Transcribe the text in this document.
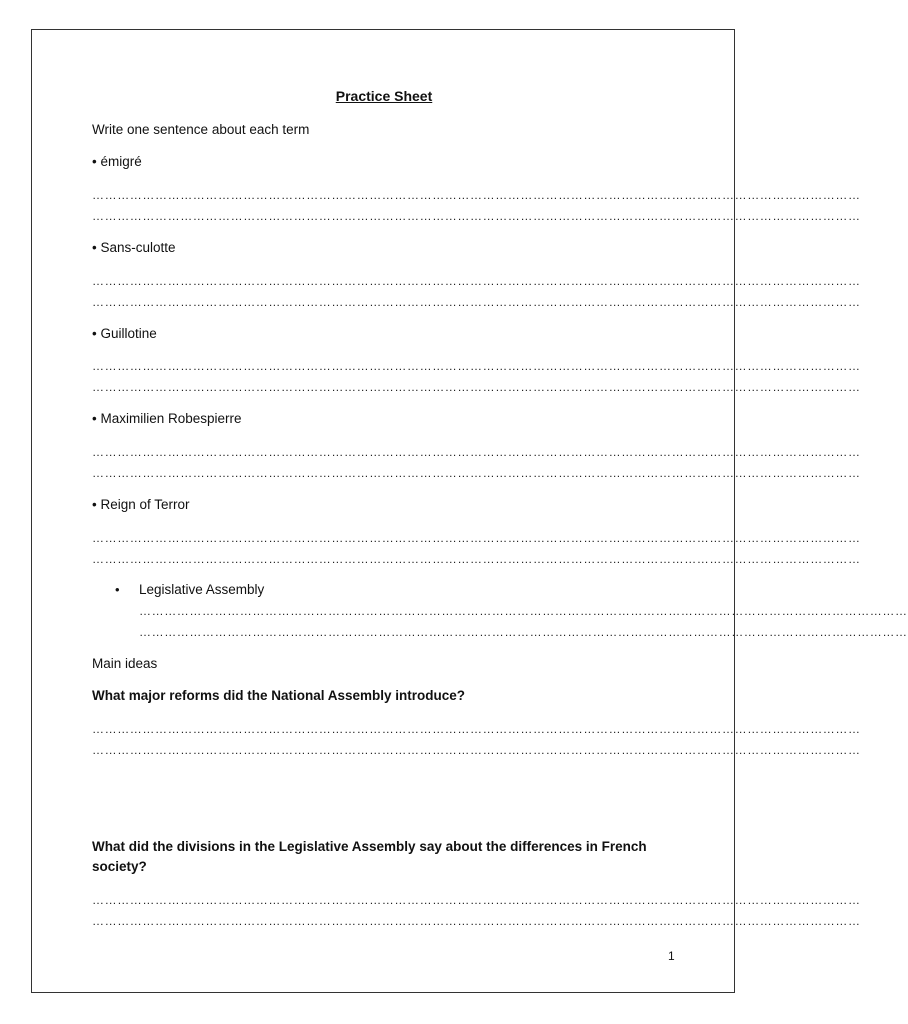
Practice Sheet
Write one sentence about each term
• émigré
…………………………………………………………………………………………………………………………………………………………………
…………………………………………………………………………………………………………………………………………………………………
• Sans-culotte
…………………………………………………………………………………………………………………………………………………………………
…………………………………………………………………………………………………………………………………………………………………
• Guillotine
…………………………………………………………………………………………………………………………………………………………………
…………………………………………………………………………………………………………………………………………………………………
• Maximilien Robespierre
…………………………………………………………………………………………………………………………………………………………………
…………………………………………………………………………………………………………………………………………………………………
• Reign of Terror
…………………………………………………………………………………………………………………………………………………………………
…………………………………………………………………………………………………………………………………………………………………
• Legislative Assembly
…………………………………………………………………………………………………………………………………………………………………
…………………………………………………………………………………………………………………………………………………………………
Main ideas
What major reforms did the National Assembly introduce?
…………………………………………………………………………………………………………………………………………………………………
…………………………………………………………………………………………………………………………………………………………………
What did the divisions in the Legislative Assembly say about the differences in French society?
…………………………………………………………………………………………………………………………………………………………………
…………………………………………………………………………………………………………………………………………………………………
1
